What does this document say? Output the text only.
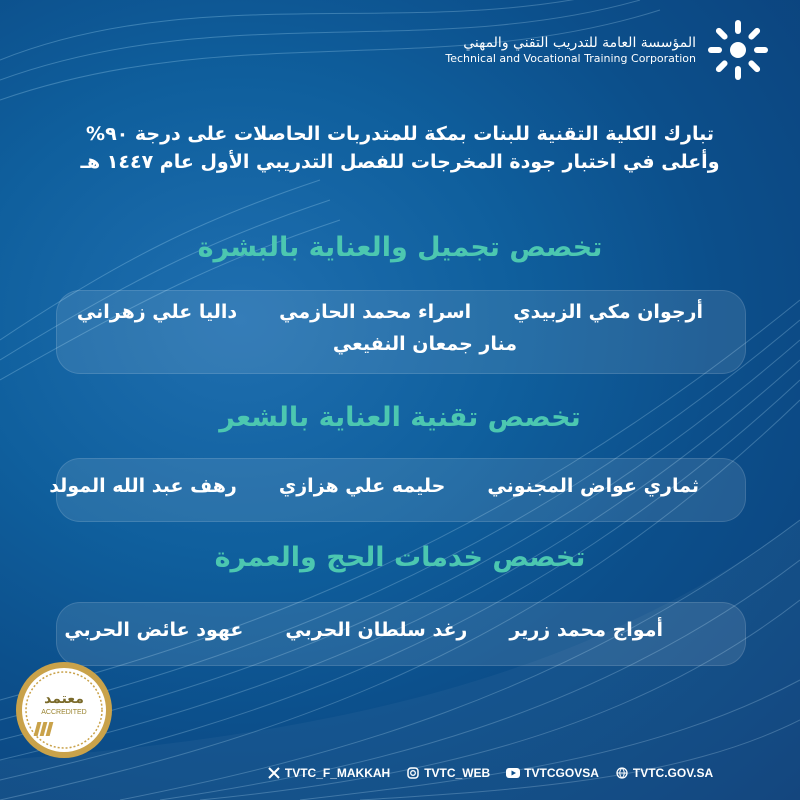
المؤسسة العامة للتدريب التقني والمهني
Technical and Vocational Training Corporation
تبارك الكلية التقنية للبنات بمكة للمتدربات الحاصلات على درجة ٩٠%
وأعلى في اختبار جودة المخرجات للفصل التدريبي الأول عام ١٤٤٧ هـ
تخصص تجميل والعناية بالبشرة
أرجوان مكي الزبيدي
اسراء محمد الحازمي
داليا علي زهراني
منار جمعان النفيعي
تخصص تقنية العناية بالشعر
ثماري عواض المجنوني
حليمه علي هزازي
رهف عبد الله المولد
تخصص خدمات الحج والعمرة
أمواج محمد زرير
رغد سلطان الحربي
عهود عائض الحربي
معتمد
ACCREDITED
TVTC_F_MAKKAH	TVTC_WEB	TVTCGOVSA	TVTC.GOV.SA
